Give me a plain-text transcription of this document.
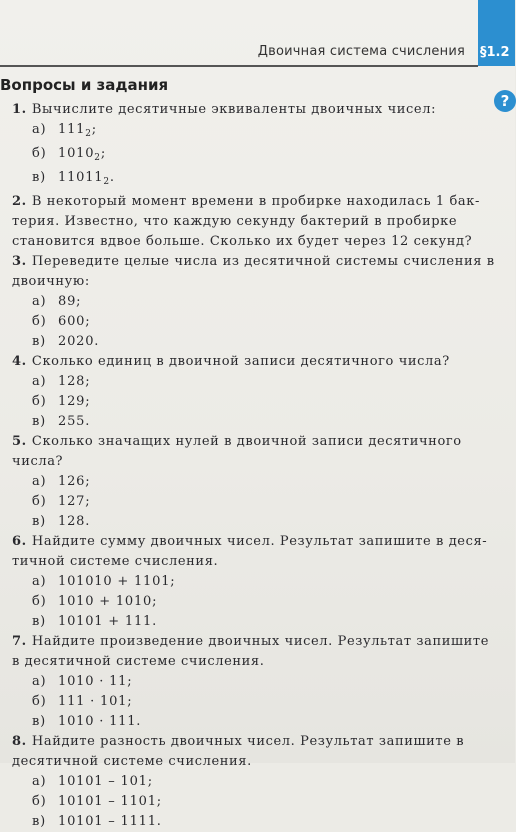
Двоичная система счисления §1.2
?
Вопросы и задания
1. Вычислите десятичные эквиваленты двоичных чисел:
а) $111_2$;
б) $1010_2$;
в) $11011_2$.
2. В некоторый момент времени в пробирке находилась 1 бак-
терия. Известно, что каждую секунду бактерий в пробирке
становится вдвое больше. Сколько их будет через 12 секунд?
3. Переведите целые числа из десятичной системы счисления в
двоичную:
а) 89;
б) 600;
в) 2020.
4. Сколько единиц в двоичной записи десятичного числа?
а) 128;
б) 129;
в) 255.
5. Сколько значащих нулей в двоичной записи десятичного
числа?
а) 126;
б) 127;
в) 128.
6. Найдите сумму двоичных чисел. Результат запишите в деся-
тичной системе счисления.
а) 101010 + 1101;
б) 1010 + 1010;
в) 10101 + 111.
7. Найдите произведение двоичных чисел. Результат запишите
в десятичной системе счисления.
а) 1010 · 11;
б) 111 · 101;
в) 1010 · 111.
8. Найдите разность двоичных чисел. Результат запишите в
десятичной системе счисления.
а) 10101 – 101;
б) 10101 – 1101;
в) 10101 – 1111.
